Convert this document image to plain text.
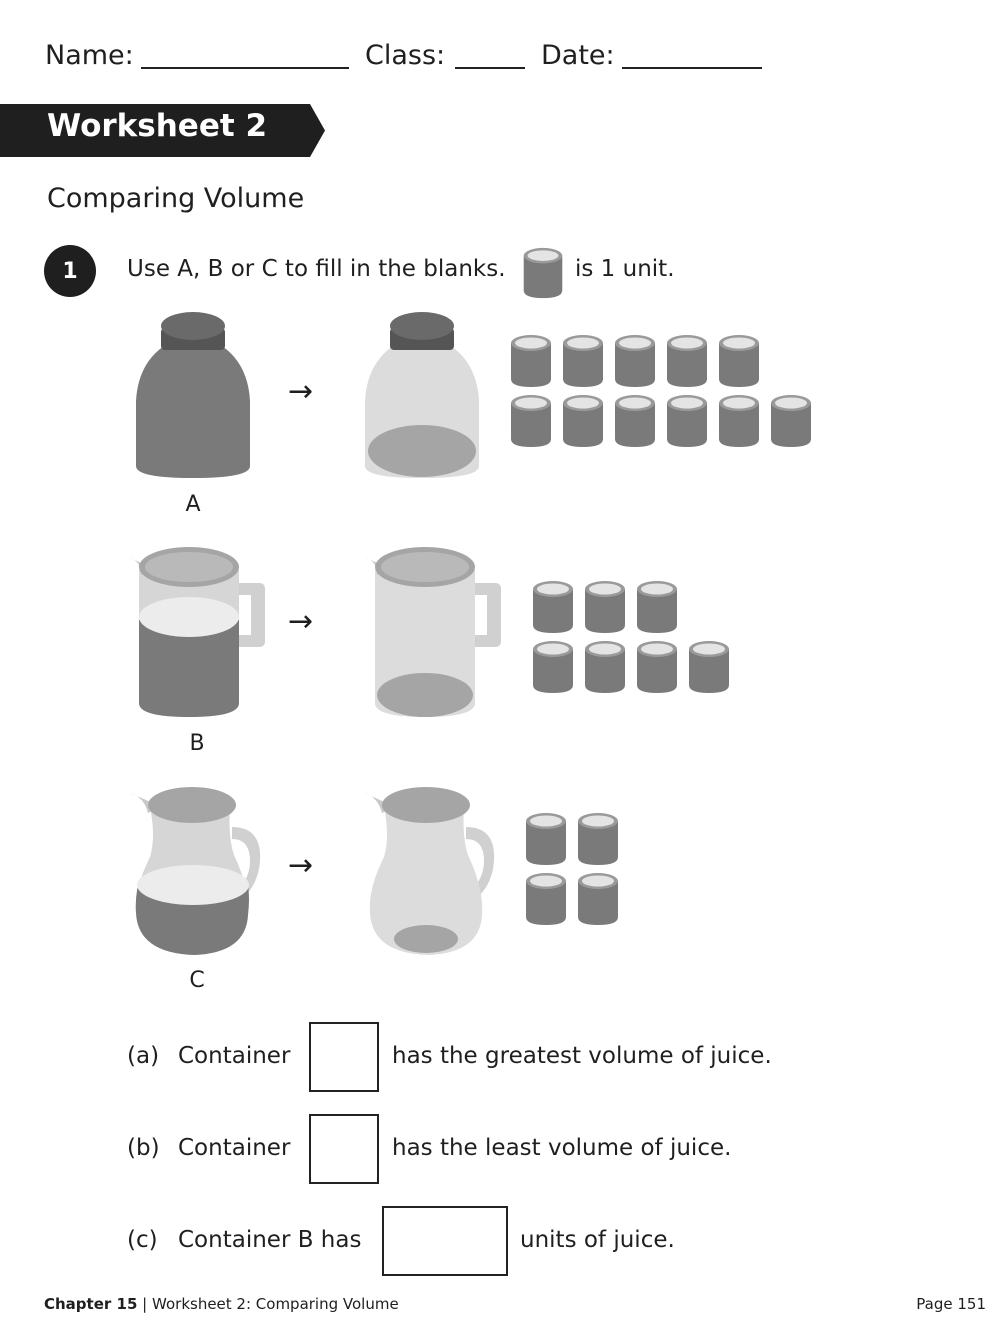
Name:	Class:	Date:
Worksheet 2
Comparing Volume
1	Use A, B or C to fill in the blanks.	is 1 unit.
A
→
B
→
C
→
(a) Container	has the greatest volume of juice.
(b) Container	has the least volume of juice.
(c) Container B has	units of juice.
Chapter 15 | Worksheet 2: Comparing Volume	Page 151
